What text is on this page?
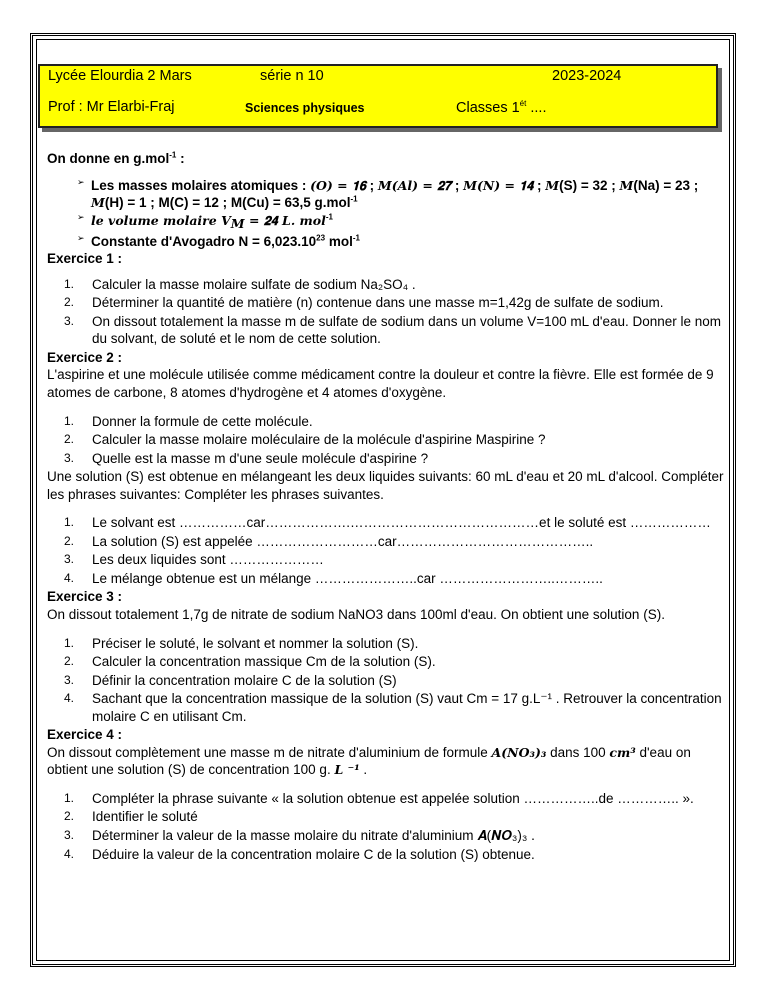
Lycée Elourdia 2 Mars	série n 10	2023-2024
Prof : Mr Elarbi-Fraj	Sciences physiques	Classes $1^{ét}$ ....

On donne en g.mol$^{-1}$ :

➢ Les masses molaires atomiques : (𝑶) = 𝟏𝟔 ; 𝑴(𝑨𝒍) = 𝟐𝟕 ; 𝑴(𝑵) = 𝟏𝟒 ; 𝑴(S) = 32 ; 𝑴(Na) = 23 ;
𝑴(H) = 1 ; M(C) = 12 ; M(Cu) = 63,5 g.mol$^{-1}$
➢ le volume molaire 𝑽$_𝑴$ = 𝟐𝟒 𝑳. 𝒎𝒐𝒍$^{-1}$
➢ Constante d'Avogadro $N = 6,023.10^{23}$ mol$^{-1}$

Exercice 1 :

1. Calculer la masse molaire sulfate de sodium Na₂SO₄ .
2. Déterminer la quantité de matière (n) contenue dans une masse m=1,42g de sulfate de sodium.
3. On dissout totalement la masse m de sulfate de sodium dans un volume V=100 mL d'eau. Donner le nom du solvant, de soluté et le nom de cette solution.

Exercice 2 :

L'aspirine et une molécule utilisée comme médicament contre la douleur et contre la fièvre. Elle est formée de 9 atomes de carbone, 8 atomes d'hydrogène et 4 atomes d'oxygène.

1. Donner la formule de cette molécule.
2. Calculer la masse molaire moléculaire de la molécule d'aspirine Maspirine ?
3. Quelle est la masse m d'une seule molécule d'aspirine ?

Une solution (S) est obtenue en mélangeant les deux liquides suivants: 60 mL d'eau et 20 mL d'alcool. Compléter les phrases suivantes: Compléter les phrases suivantes.

1. Le solvant est ……………car……………….……………………………………et le soluté est ………………
2. La solution (S) est appelée ………………………car……………………………………..
3. Les deux liquides sont …………………
4. Le mélange obtenue est un mélange …………………..car ……………………..………..

Exercice 3 :

On dissout totalement 1,7g de nitrate de sodium NaNO3 dans 100ml d'eau. On obtient une solution (S).

1. Préciser le soluté, le solvant et nommer la solution (S).
2. Calculer la concentration massique Cm de la solution (S).
3. Définir la concentration molaire C de la solution (S)
4. Sachant que la concentration massique de la solution (S) vaut Cm = 17 g.L⁻¹ . Retrouver la concentration molaire C en utilisant Cm.

Exercice 4 :

On dissout complètement une masse m de nitrate d'aluminium de formule 𝑨(𝑵𝑶₃)₃ dans 100 𝒄𝒎³ d'eau on obtient une solution (S) de concentration 100 g. 𝑳 ⁻¹ .

1. Compléter la phrase suivante « la solution obtenue est appelée solution ……………..de ………….. ».
2. Identifier le soluté
3. Déterminer la valeur de la masse molaire du nitrate d'aluminium 𝑨(𝑵𝑶₃)₃ .
4. Déduire la valeur de la concentration molaire C de la solution (S) obtenue.
